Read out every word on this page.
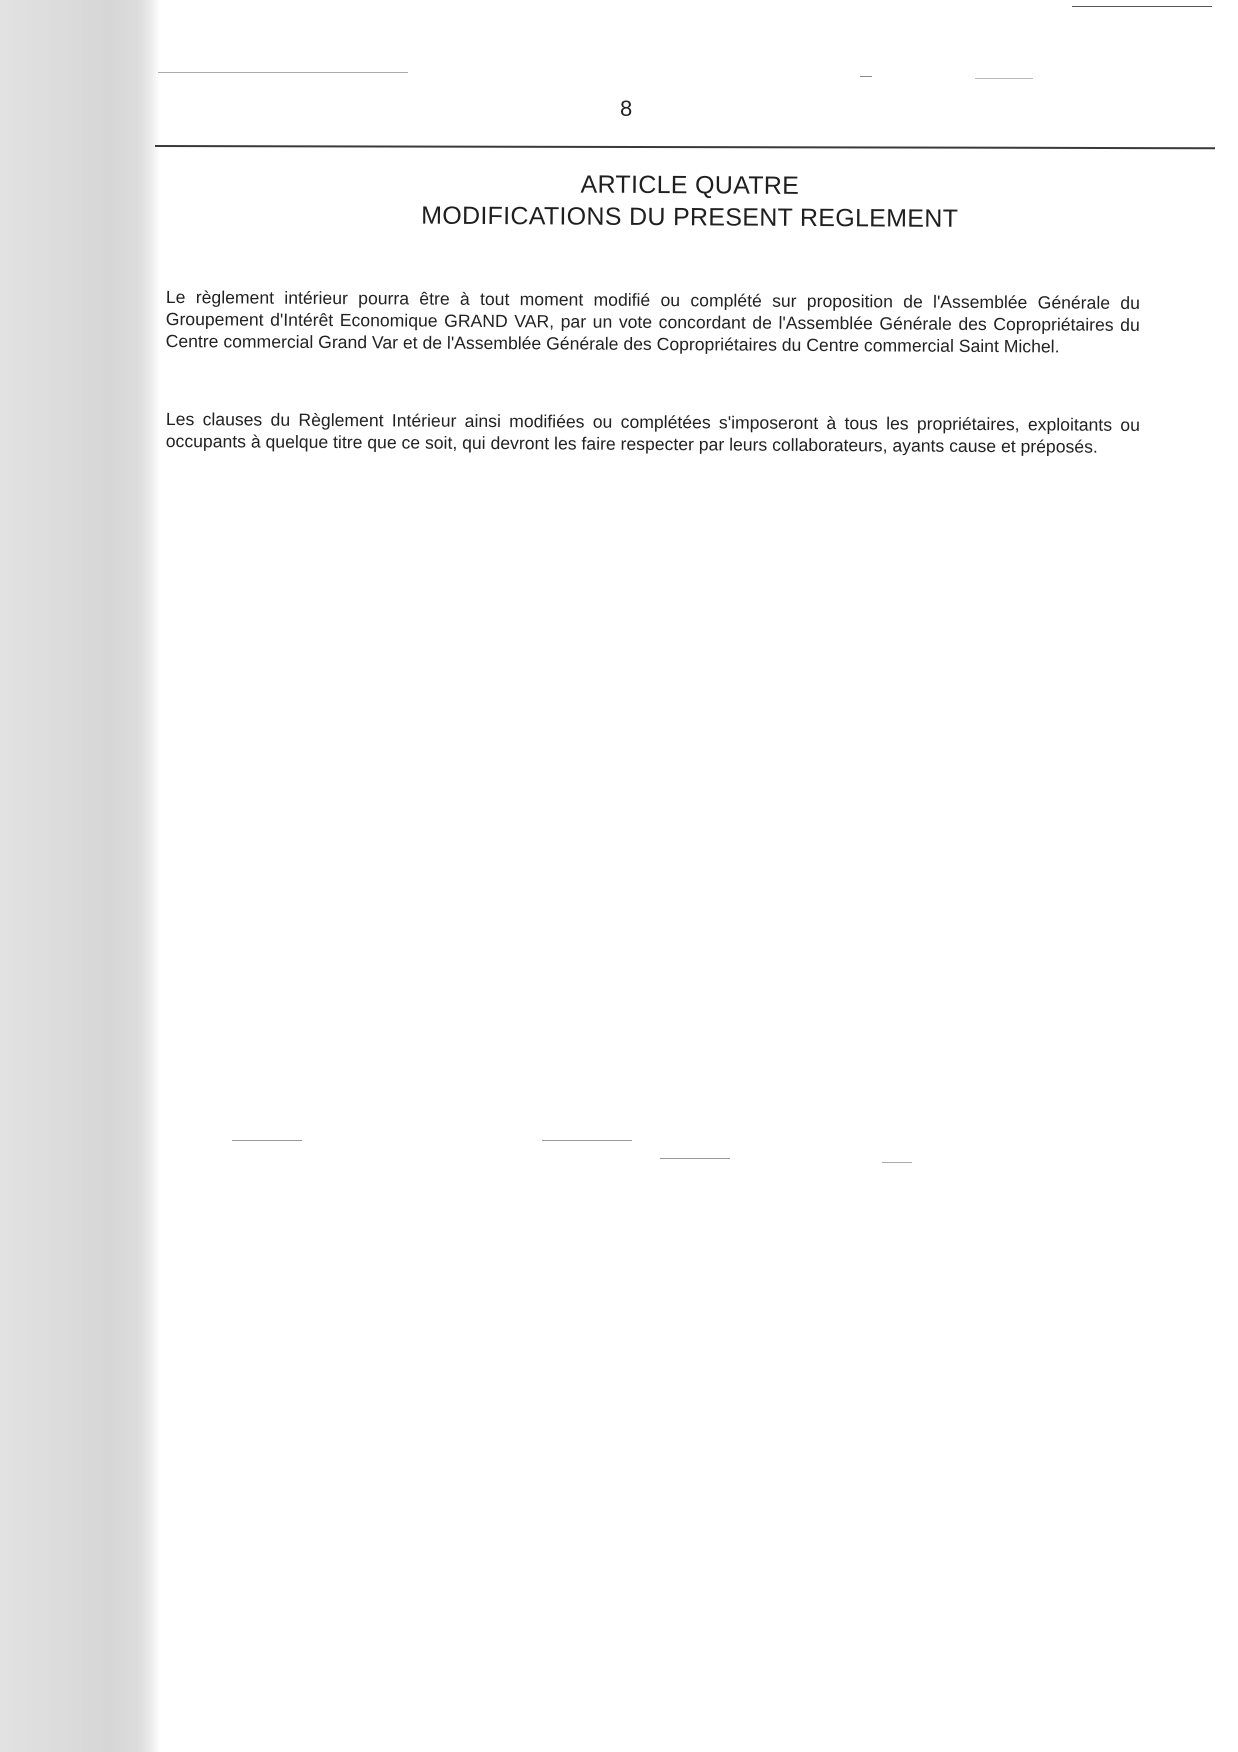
8
ARTICLE QUATRE
MODIFICATIONS DU PRESENT REGLEMENT

Le règlement intérieur pourra être à tout moment modifié ou complété sur proposition de l'Assemblée Générale du Groupement d'Intérêt Economique GRAND VAR, par un vote concordant de l'Assemblée Générale des Copropriétaires du Centre commercial Grand Var et de l'Assemblée Générale des Copropriétaires du Centre commercial Saint Michel.

Les clauses du Règlement Intérieur ainsi modifiées ou complétées s'imposeront à tous les propriétaires, exploitants ou occupants à quelque titre que ce soit, qui devront les faire respecter par leurs collaborateurs, ayants cause et préposés.
